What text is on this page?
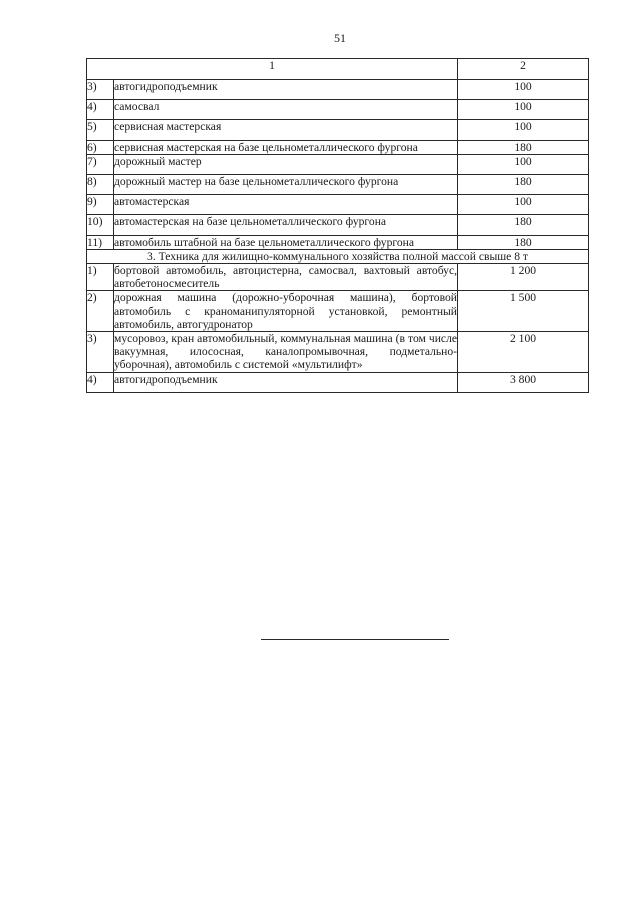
51
1		2
3)	автогидроподъемник	100
4)	самосвал	100
5)	сервисная мастерская	100
6)	сервисная мастерская на базе цельнометаллического фургона	180
7)	дорожный мастер	100
8)	дорожный мастер на базе цельнометаллического фургона	180
9)	автомастерская	100
10)	автомастерская на базе цельнометаллического фургона	180
11)	автомобиль штабной на базе цельнометаллического фургона	180
3. Техника для жилищно-коммунального хозяйства полной массой свыше 8 т		
1)	бортовой автомобиль, автоцистерна, самосвал, вахтовый автобус, автобетоносмеситель	1 200
2)	дорожная машина (дорожно-уборочная машина), бортовой автомобиль с краноманипуляторной установкой, ремонтный автомобиль, автогудронатор	1 500
3)	мусоровоз, кран автомобильный, коммунальная машина (в том числе вакуумная, илососная, каналопромывочная, подметально-уборочная), автомобиль с системой «мультилифт»	2 100
4)	автогидроподъемник	3 800
